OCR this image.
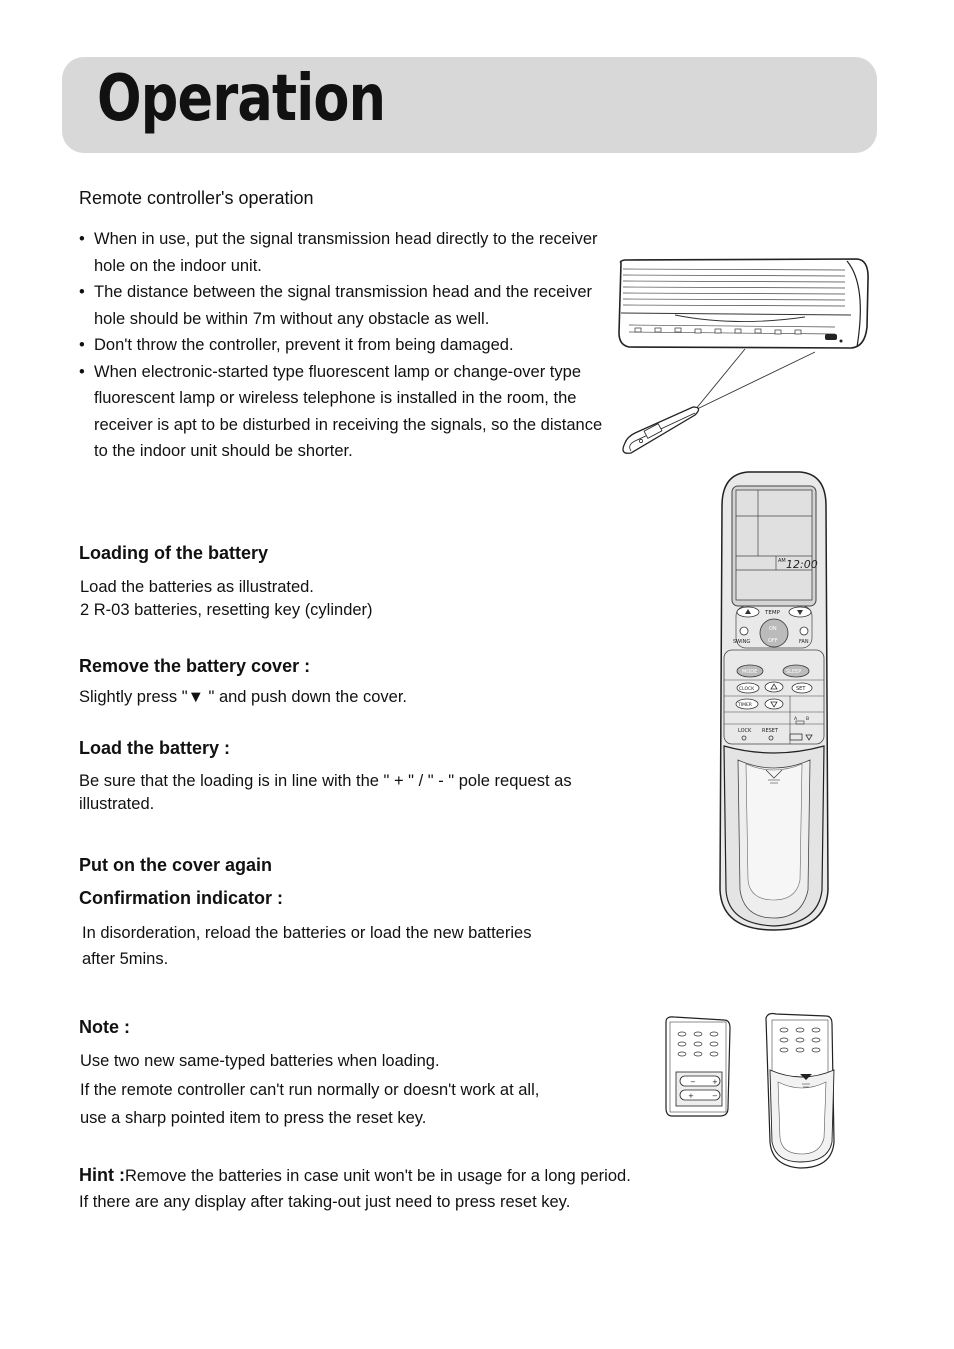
Operation

Remote controller's operation

• When in use, put the signal transmission head directly to the receiver hole on the indoor unit.
• The distance between the signal transmission head and the receiver hole should be within 7m without any obstacle as well.
• Don't throw the controller, prevent it from being damaged.
• When electronic-started type fluorescent lamp or change-over type fluorescent lamp or wireless telephone is installed in the room, the receiver is apt to be disturbed in receiving the signals, so the distance to the indoor unit should be shorter.
AM 12:00
TEMP
SWING
ON
OFF	FAN
MODE	SLEEP
CLOCK	SET
TIMER
A B
LOCK RESET

Loading of the battery

Load the batteries as illustrated.

2 R-03 batteries, resetting key (cylinder)

Remove the battery cover :

Slightly press "▼ " and push down the cover.

Load the battery :

Be sure that the loading is in line with the " + " / " - " pole request as illustrated.

Put on the cover again

Confirmation indicator :

In disorderation, reload the batteries or load the new batteries

after 5mins.

Note :

Use two new same-typed batteries when loading.

If the remote controller can't run normally or doesn't work at all,

use a sharp pointed item to press the reset key.

− +
+	−

Hint :Remove the batteries in case unit won't be in usage for a long period.
If there are any display after taking-out just need to press reset key.
